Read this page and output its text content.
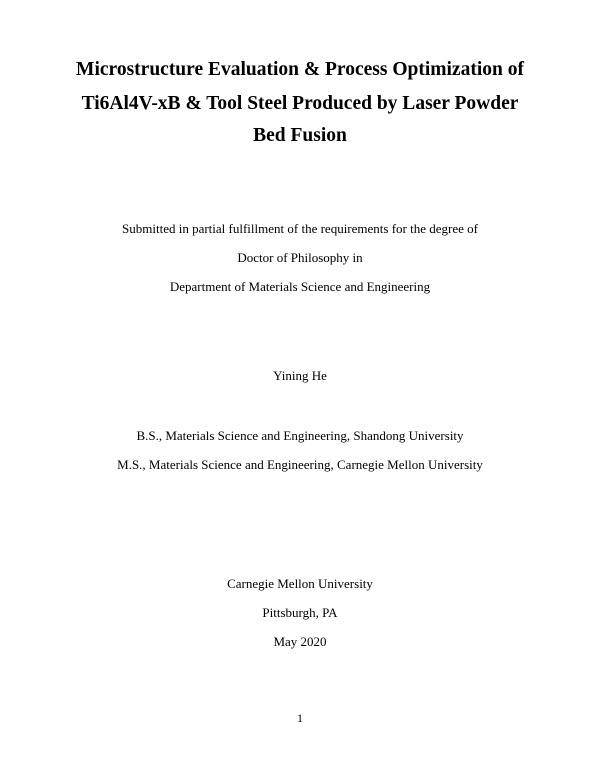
Microstructure Evaluation & Process Optimization of
Ti6Al4V-xB & Tool Steel Produced by Laser Powder
Bed Fusion
Submitted in partial fulfillment of the requirements for the degree of
Doctor of Philosophy in
Department of Materials Science and Engineering
Yining He
B.S., Materials Science and Engineering, Shandong University
M.S., Materials Science and Engineering, Carnegie Mellon University
Carnegie Mellon University
Pittsburgh, PA
May 2020
1
